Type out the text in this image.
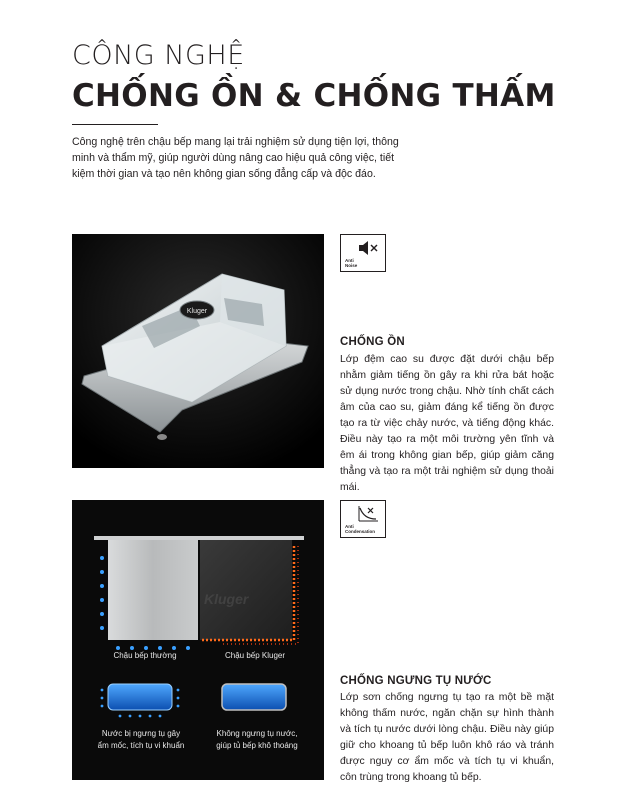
CÔNG NGHỆ
CHỐNG ỒN & CHỐNG THẤM
Công nghệ trên chậu bếp mang lại trải nghiệm sử dụng tiện lợi, thông minh và thẩm mỹ, giúp người dùng nâng cao hiệu quả công việc, tiết kiệm thời gian và tạo nên không gian sống đẳng cấp và độc đáo.
Kluger
Anti
Noise
CHỐNG ỒN
Lớp đệm cao su được đặt dưới chậu bếp nhằm giảm tiếng ồn gây ra khi rửa bát hoặc sử dụng nước trong chậu. Nhờ tính chất cách âm của cao su, giảm đáng kể tiếng ồn được tạo ra từ việc chảy nước, và tiếng động khác. Điều này tạo ra một môi trường yên tĩnh và êm ái trong không gian bếp, giúp giảm căng thẳng và tạo ra một trải nghiệm sử dụng thoải mái.
Kluger
Chậu bếp thường	Chậu bếp Kluger
Nước bị ngưng tụ gây
ẩm mốc, tích tụ vi khuẩn
Không ngưng tụ nước,
giúp tủ bếp khô thoáng
Anti
Condensation
CHỐNG NGƯNG TỤ NƯỚC
Lớp sơn chống ngưng tụ tạo ra một bề mặt không thấm nước, ngăn chặn sự hình thành và tích tụ nước dưới lòng chậu. Điều này giúp giữ cho khoang tủ bếp luôn khô ráo và tránh được nguy cơ ẩm mốc và tích tụ vi khuẩn, côn trùng trong khoang tủ bếp.
